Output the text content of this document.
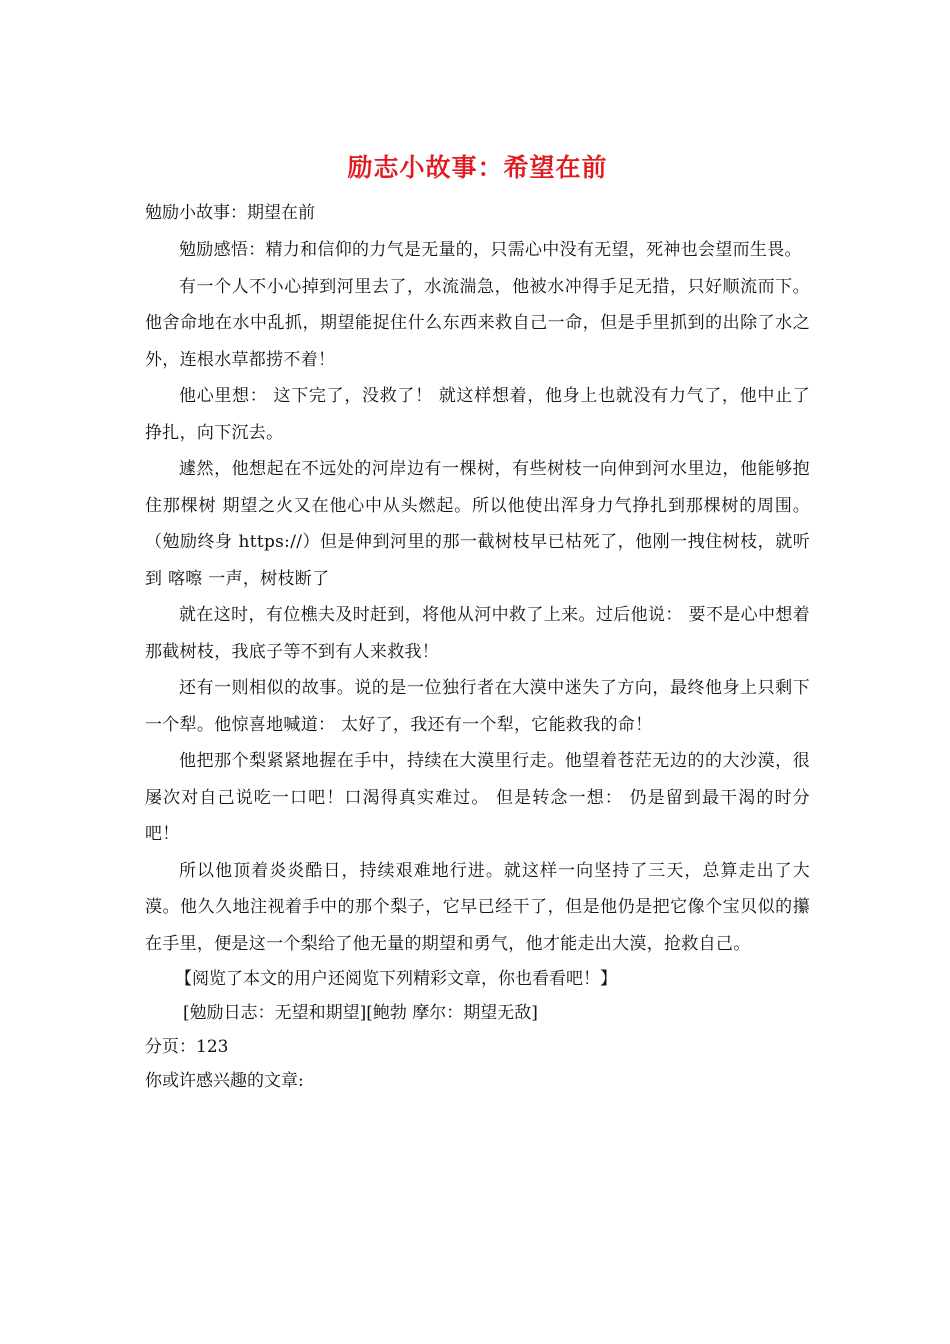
励志小故事：希望在前

勉励小故事：期望在前

勉励感悟：精力和信仰的力气是无量的，只需心中没有无望，死神也会望而生畏。

有一个人不小心掉到河里去了，水流湍急，他被水冲得手足无措，只好顺流而下。他舍命地在水中乱抓，期望能捉住什么东西来救自己一命，但是手里抓到的出除了水之外，连根水草都捞不着！

他心里想： 这下完了，没救了！ 就这样想着，他身上也就没有力气了，他中止了挣扎，向下沉去。

遽然，他想起在不远处的河岸边有一棵树，有些树枝一向伸到河水里边，他能够抱住那棵树 期望之火又在他心中从头燃起。所以他使出浑身力气挣扎到那棵树的周围。（勉励终身 https://）但是伸到河里的那一截树枝早已枯死了，他刚一拽住树枝，就听到 喀嚓 一声，树枝断了

就在这时，有位樵夫及时赶到，将他从河中救了上来。过后他说： 要不是心中想着那截树枝，我底子等不到有人来救我！

还有一则相似的故事。说的是一位独行者在大漠中迷失了方向，最终他身上只剩下一个犁。他惊喜地喊道： 太好了，我还有一个犁，它能救我的命！

他把那个梨紧紧地握在手中，持续在大漠里行走。他望着苍茫无边的的大沙漠，很屡次对自己说吃一口吧！口渴得真实难过。 但是转念一想： 仍是留到最干渴的时分吧！

所以他顶着炎炎酷日，持续艰难地行进。就这样一向坚持了三天，总算走出了大漠。他久久地注视着手中的那个梨子，它早已经干了，但是他仍是把它像个宝贝似的攥在手里，便是这一个梨给了他无量的期望和勇气，他才能走出大漠，抢救自己。

【阅览了本文的用户还阅览下列精彩文章，你也看看吧！】

[勉励日志：无望和期望][鲍勃 摩尔：期望无敌]

分页：123

你或许感兴趣的文章:
